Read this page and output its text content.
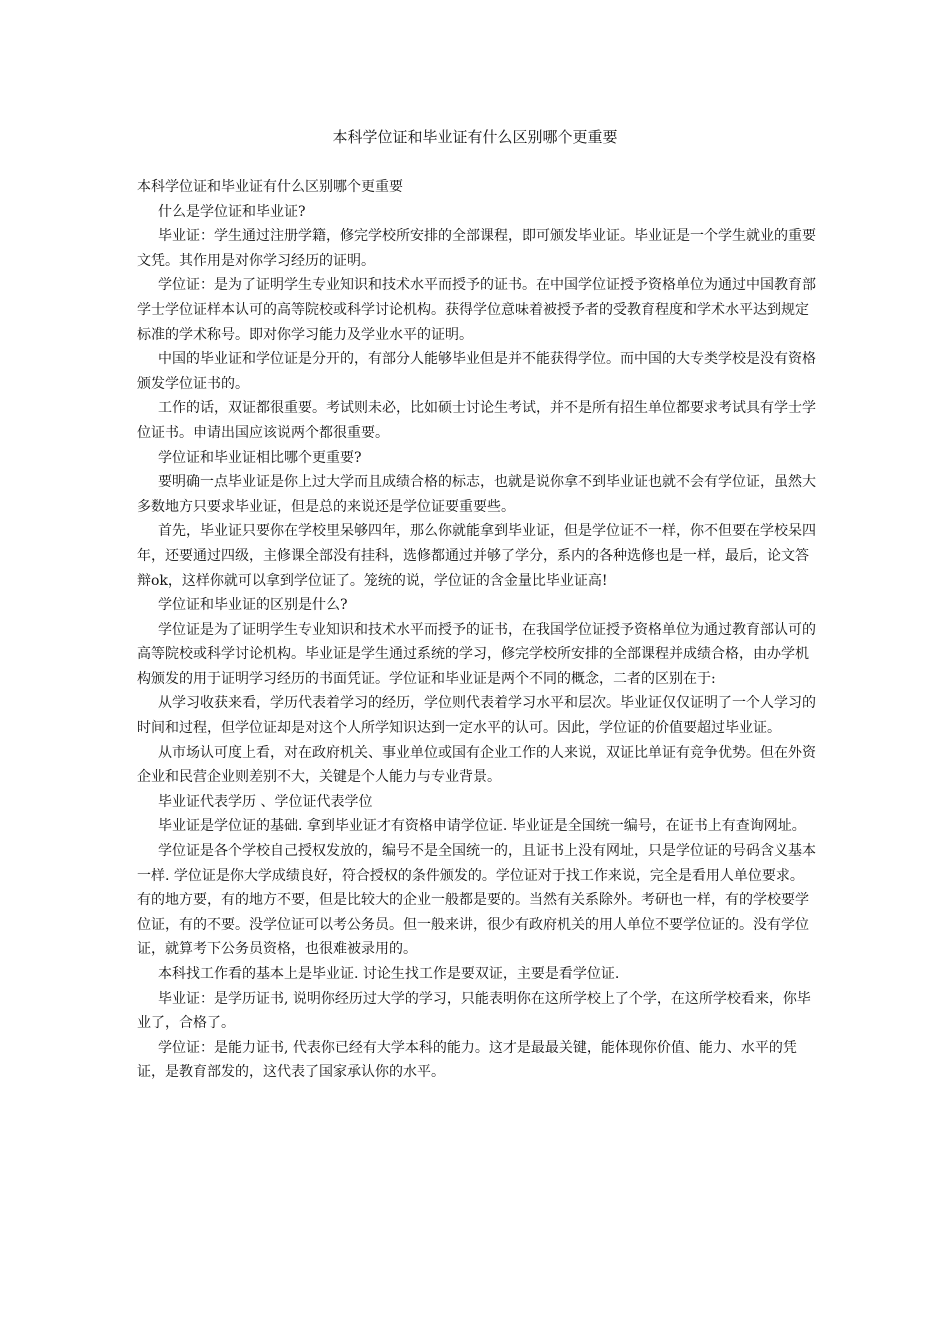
本科学位证和毕业证有什么区别哪个更重要

本科学位证和毕业证有什么区别哪个更重要

什么是学位证和毕业证?

毕业证：学生通过注册学籍，修完学校所安排的全部课程，即可颁发毕业证。毕业证是一个学生就业的重要文凭。其作用是对你学习经历的证明。

学位证：是为了证明学生专业知识和技术水平而授予的证书。在中国学位证授予资格单位为通过中国教育部学士学位证样本认可的高等院校或科学讨论机构。获得学位意味着被授予者的受教育程度和学术水平达到规定标准的学术称号。即对你学习能力及学业水平的证明。

中国的毕业证和学位证是分开的，有部分人能够毕业但是并不能获得学位。而中国的大专类学校是没有资格颁发学位证书的。

工作的话，双证都很重要。考试则未必，比如硕士讨论生考试，并不是所有招生单位都要求考试具有学士学位证书。申请出国应该说两个都很重要。

学位证和毕业证相比哪个更重要?

要明确一点毕业证是你上过大学而且成绩合格的标志，也就是说你拿不到毕业证也就不会有学位证，虽然大多数地方只要求毕业证，但是总的来说还是学位证要重要些。

首先，毕业证只要你在学校里呆够四年，那么你就能拿到毕业证，但是学位证不一样，你不但要在学校呆四年，还要通过四级，主修课全部没有挂科，选修都通过并够了学分，系内的各种选修也是一样，最后，论文答辩ok，这样你就可以拿到学位证了。笼统的说，学位证的含金量比毕业证高!

学位证和毕业证的区别是什么?

学位证是为了证明学生专业知识和技术水平而授予的证书，在我国学位证授予资格单位为通过教育部认可的高等院校或科学讨论机构。毕业证是学生通过系统的学习，修完学校所安排的全部课程并成绩合格，由办学机构颁发的用于证明学习经历的书面凭证。学位证和毕业证是两个不同的概念，二者的区别在于:

从学习收获来看，学历代表着学习的经历，学位则代表着学习水平和层次。毕业证仅仅证明了一个人学习的时间和过程，但学位证却是对这个人所学知识达到一定水平的认可。因此，学位证的价值要超过毕业证。

从市场认可度上看，对在政府机关、事业单位或国有企业工作的人来说，双证比单证有竞争优势。但在外资企业和民营企业则差别不大，关键是个人能力与专业背景。

毕业证代表学历 、学位证代表学位

毕业证是学位证的基础. 拿到毕业证才有资格申请学位证. 毕业证是全国统一编号，在证书上有查询网址。

学位证是各个学校自己授权发放的，编号不是全国统一的，且证书上没有网址，只是学位证的号码含义基本一样. 学位证是你大学成绩良好，符合授权的条件颁发的。学位证对于找工作来说，完全是看用人单位要求。有的地方要，有的地方不要，但是比较大的企业一般都是要的。当然有关系除外。考研也一样，有的学校要学位证，有的不要。没学位证可以考公务员。但一般来讲，很少有政府机关的用人单位不要学位证的。没有学位证，就算考下公务员资格，也很难被录用的。

本科找工作看的基本上是毕业证. 讨论生找工作是要双证，主要是看学位证.

毕业证：是学历证书, 说明你经历过大学的学习，只能表明你在这所学校上了个学，在这所学校看来，你毕业了，合格了。

学位证：是能力证书, 代表你已经有大学本科的能力。这才是最最关键，能体现你价值、能力、水平的凭证，是教育部发的，这代表了国家承认你的水平。
